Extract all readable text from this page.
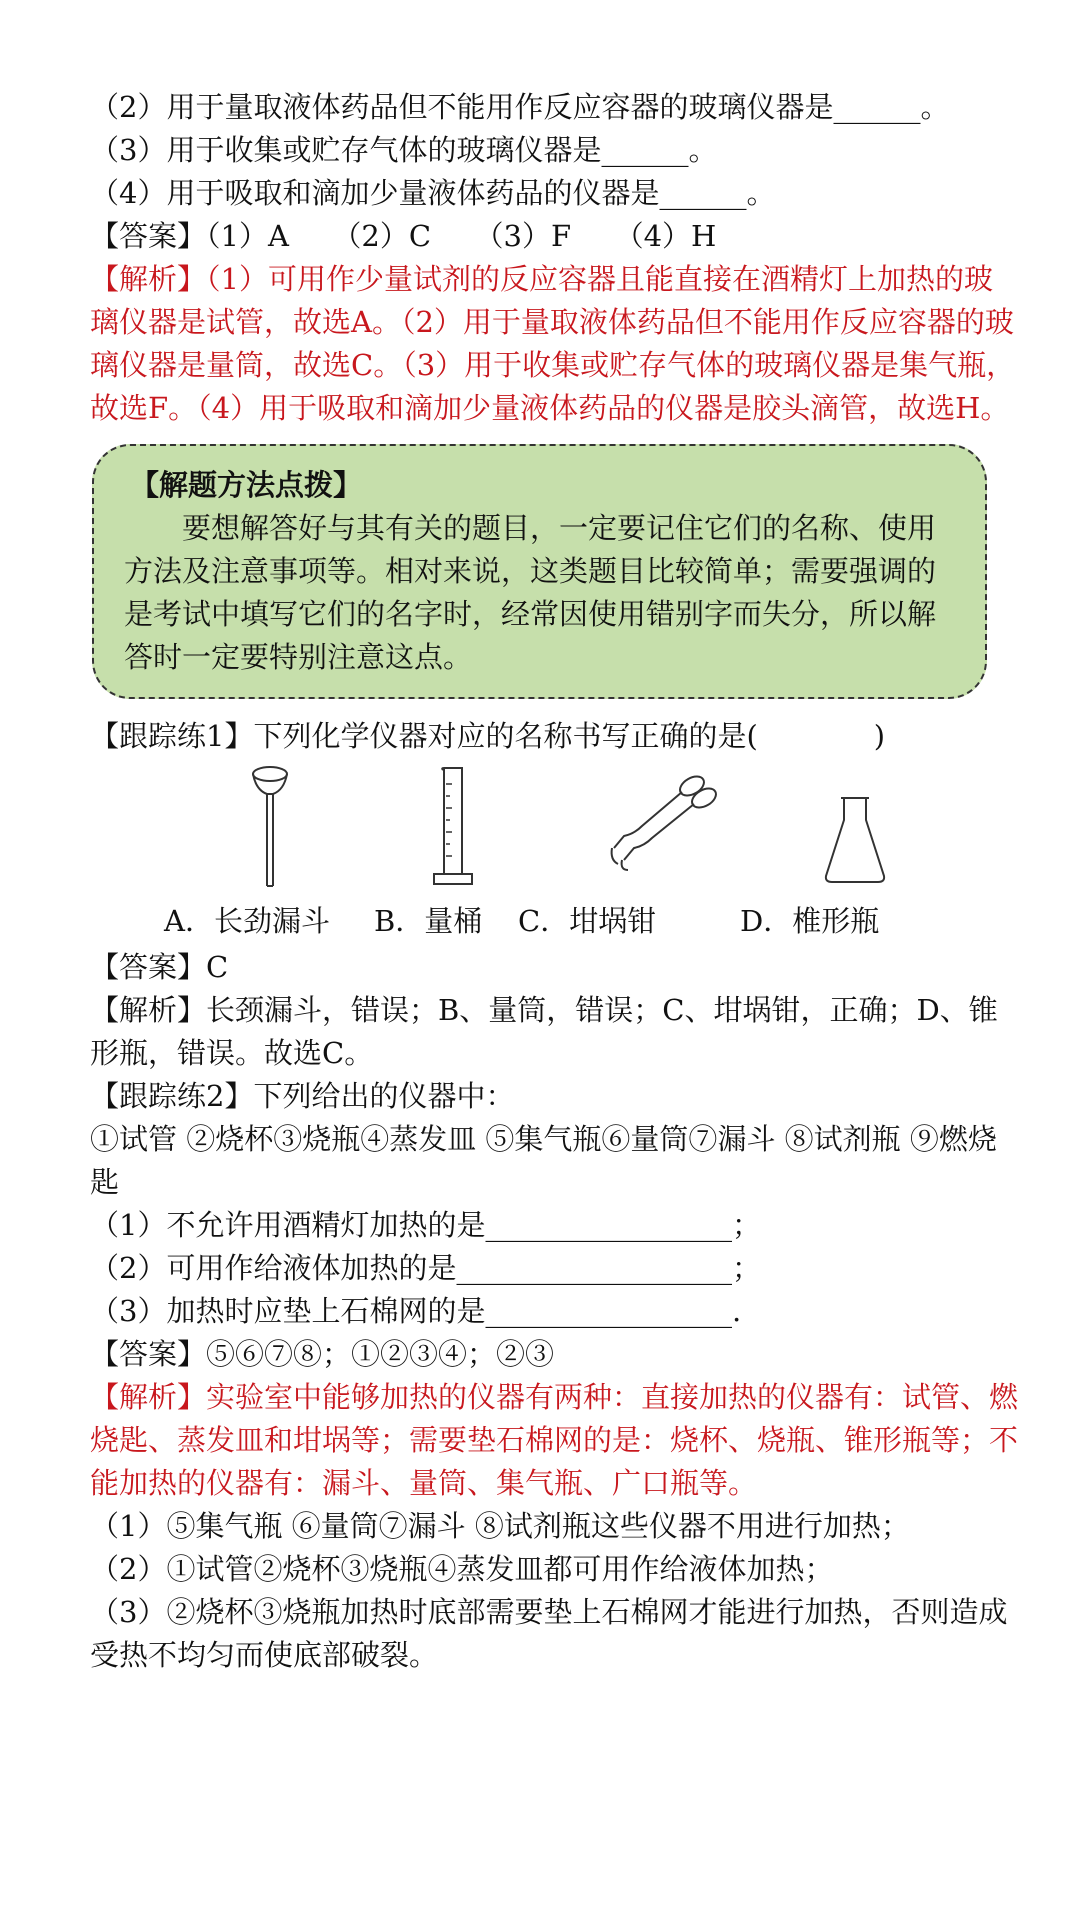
（2）用于量取液体药品但不能用作反应容器的玻璃仪器是______。
（3）用于收集或贮存气体的玻璃仪器是______。
（4）用于吸取和滴加少量液体药品的仪器是______。
【答案】（1）A　　（2）C　　（3）F　　（4）H
【解析】（1）可用作少量试剂的反应容器且能直接在酒精灯上加热的玻璃仪器是试管，故选A。（2）用于量取液体药品但不能用作反应容器的玻璃仪器是量筒，故选C。（3）用于收集或贮存气体的玻璃仪器是集气瓶，故选F。（4）用于吸取和滴加少量液体药品的仪器是胶头滴管，故选H。
【解题方法点拨】
要想解答好与其有关的题目，一定要记住它们的名称、使用方法及注意事项等。相对来说，这类题目比较简单；需要强调的是考试中填写它们的名字时，经常因使用错别字而失分，所以解答时一定要特别注意这点。
【跟踪练1】下列化学仪器对应的名称书写正确的是(　　　　)
A．长劲漏斗 B．量桶 C．坩埚钳	D．椎形瓶
【答案】C
【解析】长颈漏斗，错误；B、量筒，错误；C、坩埚钳，正确；D、锥形瓶，错误。故选C。
【跟踪练2】下列给出的仪器中：
①试管 ②烧杯③烧瓶④蒸发皿 ⑤集气瓶⑥量筒⑦漏斗 ⑧试剂瓶 ⑨燃烧匙
（1）不允许用酒精灯加热的是_________________；
（2）可用作给液体加热的是___________________；
（3）加热时应垫上石棉网的是_________________.
【答案】⑤⑥⑦⑧；①②③④；②③
【解析】实验室中能够加热的仪器有两种：直接加热的仪器有：试管、燃烧匙、蒸发皿和坩埚等；需要垫石棉网的是：烧杯、烧瓶、锥形瓶等；不能加热的仪器有：漏斗、量筒、集气瓶、广口瓶等。
（1）⑤集气瓶 ⑥量筒⑦漏斗 ⑧试剂瓶这些仪器不用进行加热；
（2）①试管②烧杯③烧瓶④蒸发皿都可用作给液体加热；
（3）②烧杯③烧瓶加热时底部需要垫上石棉网才能进行加热，否则造成受热不均匀而使底部破裂。
